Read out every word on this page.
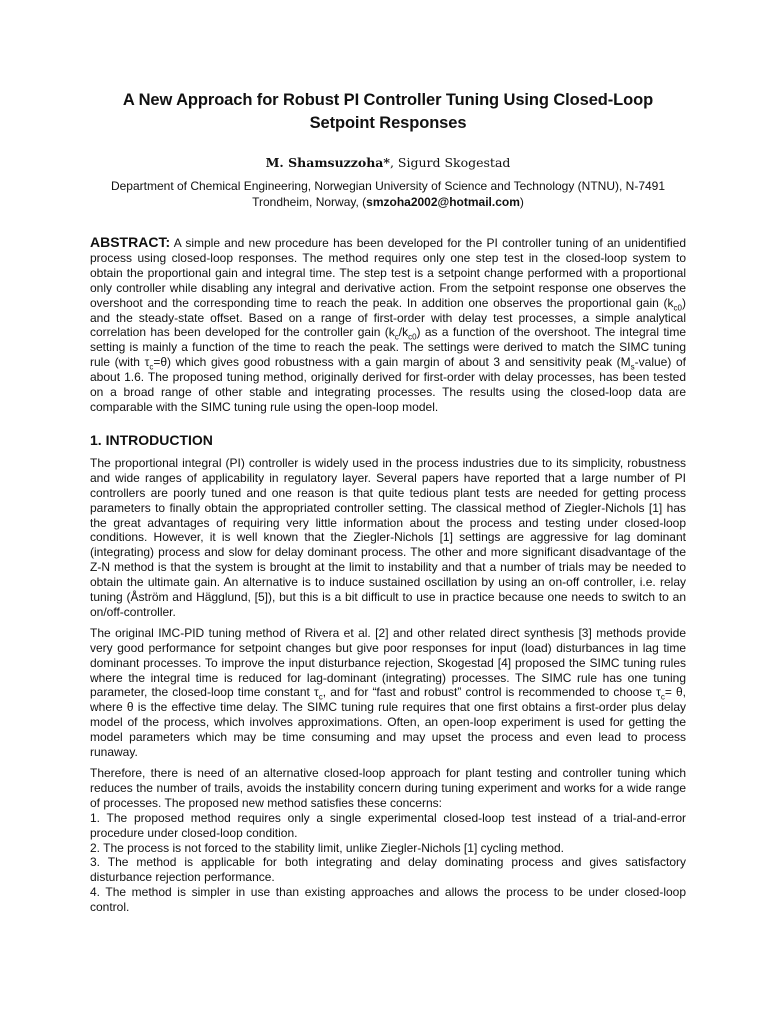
A New Approach for Robust PI Controller Tuning Using Closed-Loop Setpoint Responses

M. Shamsuzzoha*, Sigurd Skogestad

Department of Chemical Engineering, Norwegian University of Science and Technology (NTNU), N-7491 Trondheim, Norway, (smzoha2002@hotmail.com)

ABSTRACT: A simple and new procedure has been developed for the PI controller tuning of an unidentified process using closed-loop responses. The method requires only one step test in the closed-loop system to obtain the proportional gain and integral time. The step test is a setpoint change performed with a proportional only controller while disabling any integral and derivative action. From the setpoint response one observes the overshoot and the corresponding time to reach the peak. In addition one observes the proportional gain $(k_{c0})$ and the steady-state offset. Based on a range of first-order with delay test processes, a simple analytical correlation has been developed for the controller gain $(k_c/k_{c0})$ as a function of the overshoot. The integral time setting is mainly a function of the time to reach the peak. The settings were derived to match the SIMC tuning rule (with $\tau_c=\theta$) which gives good robustness with a gain margin of about 3 and sensitivity peak $(M_s-value)$ of about 1.6. The proposed tuning method, originally derived for first-order with delay processes, has been tested on a broad range of other stable and integrating processes. The results using the closed-loop data are comparable with the SIMC tuning rule using the open-loop model.

1. INTRODUCTION

The proportional integral (PI) controller is widely used in the process industries due to its simplicity, robustness and wide ranges of applicability in regulatory layer. Several papers have reported that a large number of PI controllers are poorly tuned and one reason is that quite tedious plant tests are needed for getting process parameters to finally obtain the appropriated controller setting. The classical method of Ziegler-Nichols [1] has the great advantages of requiring very little information about the process and testing under closed-loop conditions. However, it is well known that the Ziegler-Nichols [1] settings are aggressive for lag dominant (integrating) process and slow for delay dominant process. The other and more significant disadvantage of the Z-N method is that the system is brought at the limit to instability and that a number of trials may be needed to obtain the ultimate gain. An alternative is to induce sustained oscillation by using an on-off controller, i.e. relay tuning (Åström and Hägglund, [5]), but this is a bit difficult to use in practice because one needs to switch to an on/off-controller.

The original IMC-PID tuning method of Rivera et al. [2] and other related direct synthesis [3] methods provide very good performance for setpoint changes but give poor responses for input (load) disturbances in lag time dominant processes. To improve the input disturbance rejection, Skogestad [4] proposed the SIMC tuning rules where the integral time is reduced for lag-dominant (integrating) processes. The SIMC rule has one tuning parameter, the closed-loop time constant $\tau_c$, and for “fast and robust” control is recommended to choose $\tau_c= \theta$, where θ is the effective time delay. The SIMC tuning rule requires that one first obtains a first-order plus delay model of the process, which involves approximations. Often, an open-loop experiment is used for getting the model parameters which may be time consuming and may upset the process and even lead to process runaway.

Therefore, there is need of an alternative closed-loop approach for plant testing and controller tuning which reduces the number of trails, avoids the instability concern during tuning experiment and works for a wide range of processes. The proposed new method satisfies these concerns:

1. The proposed method requires only a single experimental closed-loop test instead of a trial-and-error procedure under closed-loop condition.

2. The process is not forced to the stability limit, unlike Ziegler-Nichols [1] cycling method.

3. The method is applicable for both integrating and delay dominating process and gives satisfactory disturbance rejection performance.

4. The method is simpler in use than existing approaches and allows the process to be under closed-loop control.
